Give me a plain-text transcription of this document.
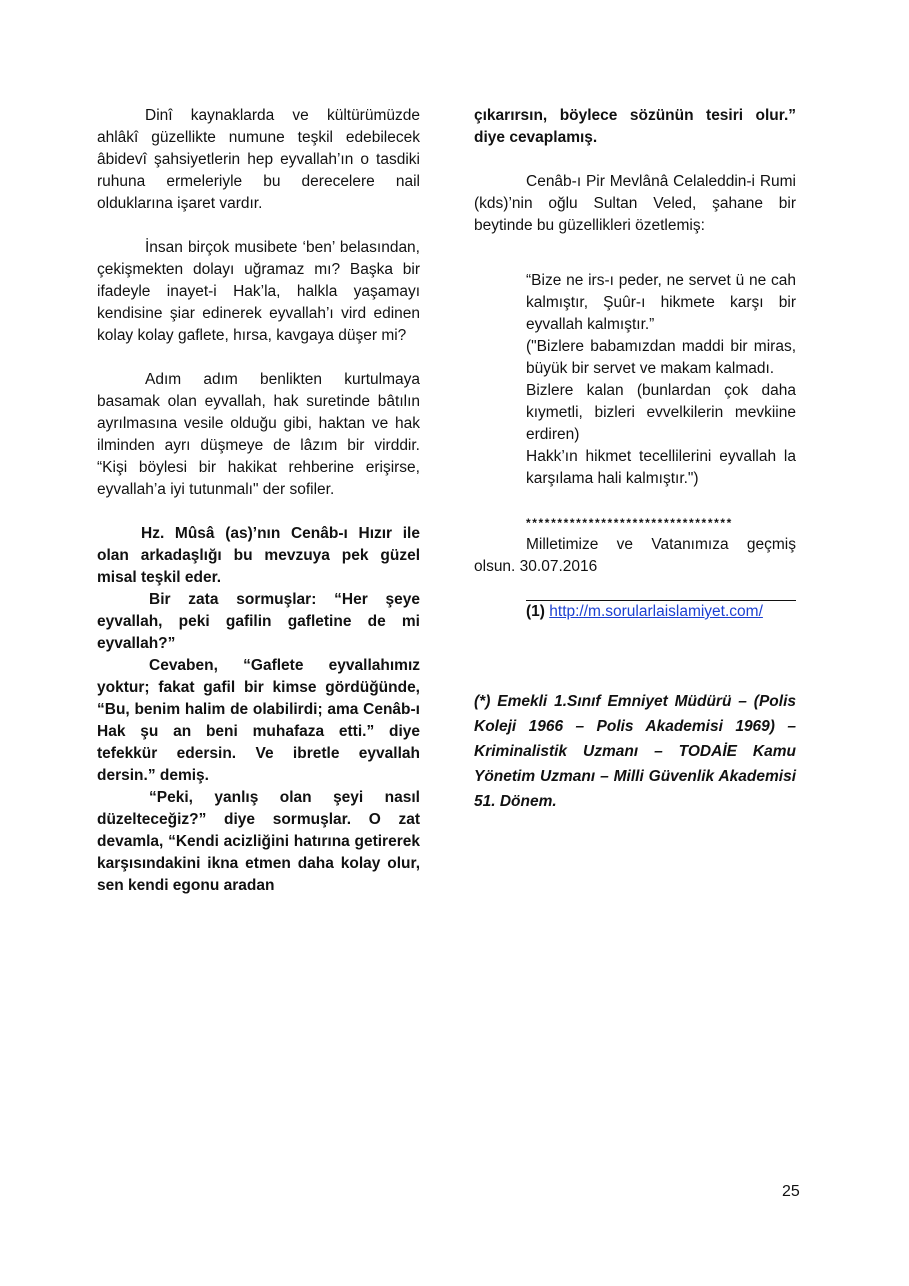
Dinî kaynaklarda ve kültürümüzde ahlâkî güzellikte numune teşkil edebilecek âbidevî şahsiyetlerin hep eyvallah’ın o tasdiki ruhuna ermeleriyle bu derecelere nail olduklarına işaret vardır.

İnsan birçok musibete ‘ben’ belasından, çekişmekten dolayı uğramaz mı? Başka bir ifadeyle inayet-i Hak’la, halkla yaşamayı kendisine şiar edinerek eyvallah’ı vird edinen kolay kolay gaflete, hırsa, kavgaya düşer mi?

Adım adım benlikten kurtulmaya basamak olan eyvallah, hak suretinde bâtılın ayrılmasına vesile olduğu gibi, haktan ve hak ilminden ayrı düşmeye de lâzım bir virddir. “Kişi böylesi bir hakikat rehberine erişirse, eyvallah’a iyi tutunmalı" der sofiler.

Hz. Mûsâ (as)’nın Cenâb-ı Hızır ile olan arkadaşlığı bu mevzuya pek güzel misal teşkil eder.

Bir zata sormuşlar: “Her şeye eyvallah, peki gafilin gafletine de mi eyvallah?”

Cevaben, “Gaflete eyvallahımız yoktur; fakat gafil bir kimse gördüğünde, “Bu, benim halim de olabilirdi; ama Cenâb-ı Hak şu an beni muhafaza etti.” diye tefekkür edersin. Ve ibretle eyvallah dersin.” demiş.

“Peki, yanlış olan şeyi nasıl düzelteceğiz?” diye sormuşlar. O zat devamla, “Kendi acizliğini hatırına getirerek karşısındakini ikna etmen daha kolay olur, sen kendi egonu aradan

çıkarırsın, böylece sözünün tesiri olur.” diye cevaplamış.

Cenâb-ı Pir Mevlânâ Celaleddin-i Rumi (kds)’nin oğlu Sultan Veled, şahane bir beytinde bu güzellikleri özetlemiş:

“Bize ne irs-ı peder, ne servet ü ne cah kalmıştır, Şuûr-ı hikmete karşı bir eyvallah kalmıştır.”

("Bizlere babamızdan maddi bir miras, büyük bir servet ve makam kalmadı.

Bizlere kalan (bunlardan çok daha kıymetli, bizleri evvelkilerin mevkiine erdiren)

Hakk’ın hikmet tecellilerini eyvallah la karşılama hali kalmıştır.")

*********************************

Milletimize ve Vatanımıza geçmiş olsun. 30.07.2016

(1) http://m.sorularlaislamiyet.com/

(*) Emekli 1.Sınıf Emniyet Müdürü – (Polis Koleji 1966 – Polis Akademisi 1969) – Kriminalistik Uzmanı – TODAİE Kamu Yönetim Uzmanı – Milli Güvenlik Akademisi 51. Dönem.

25
